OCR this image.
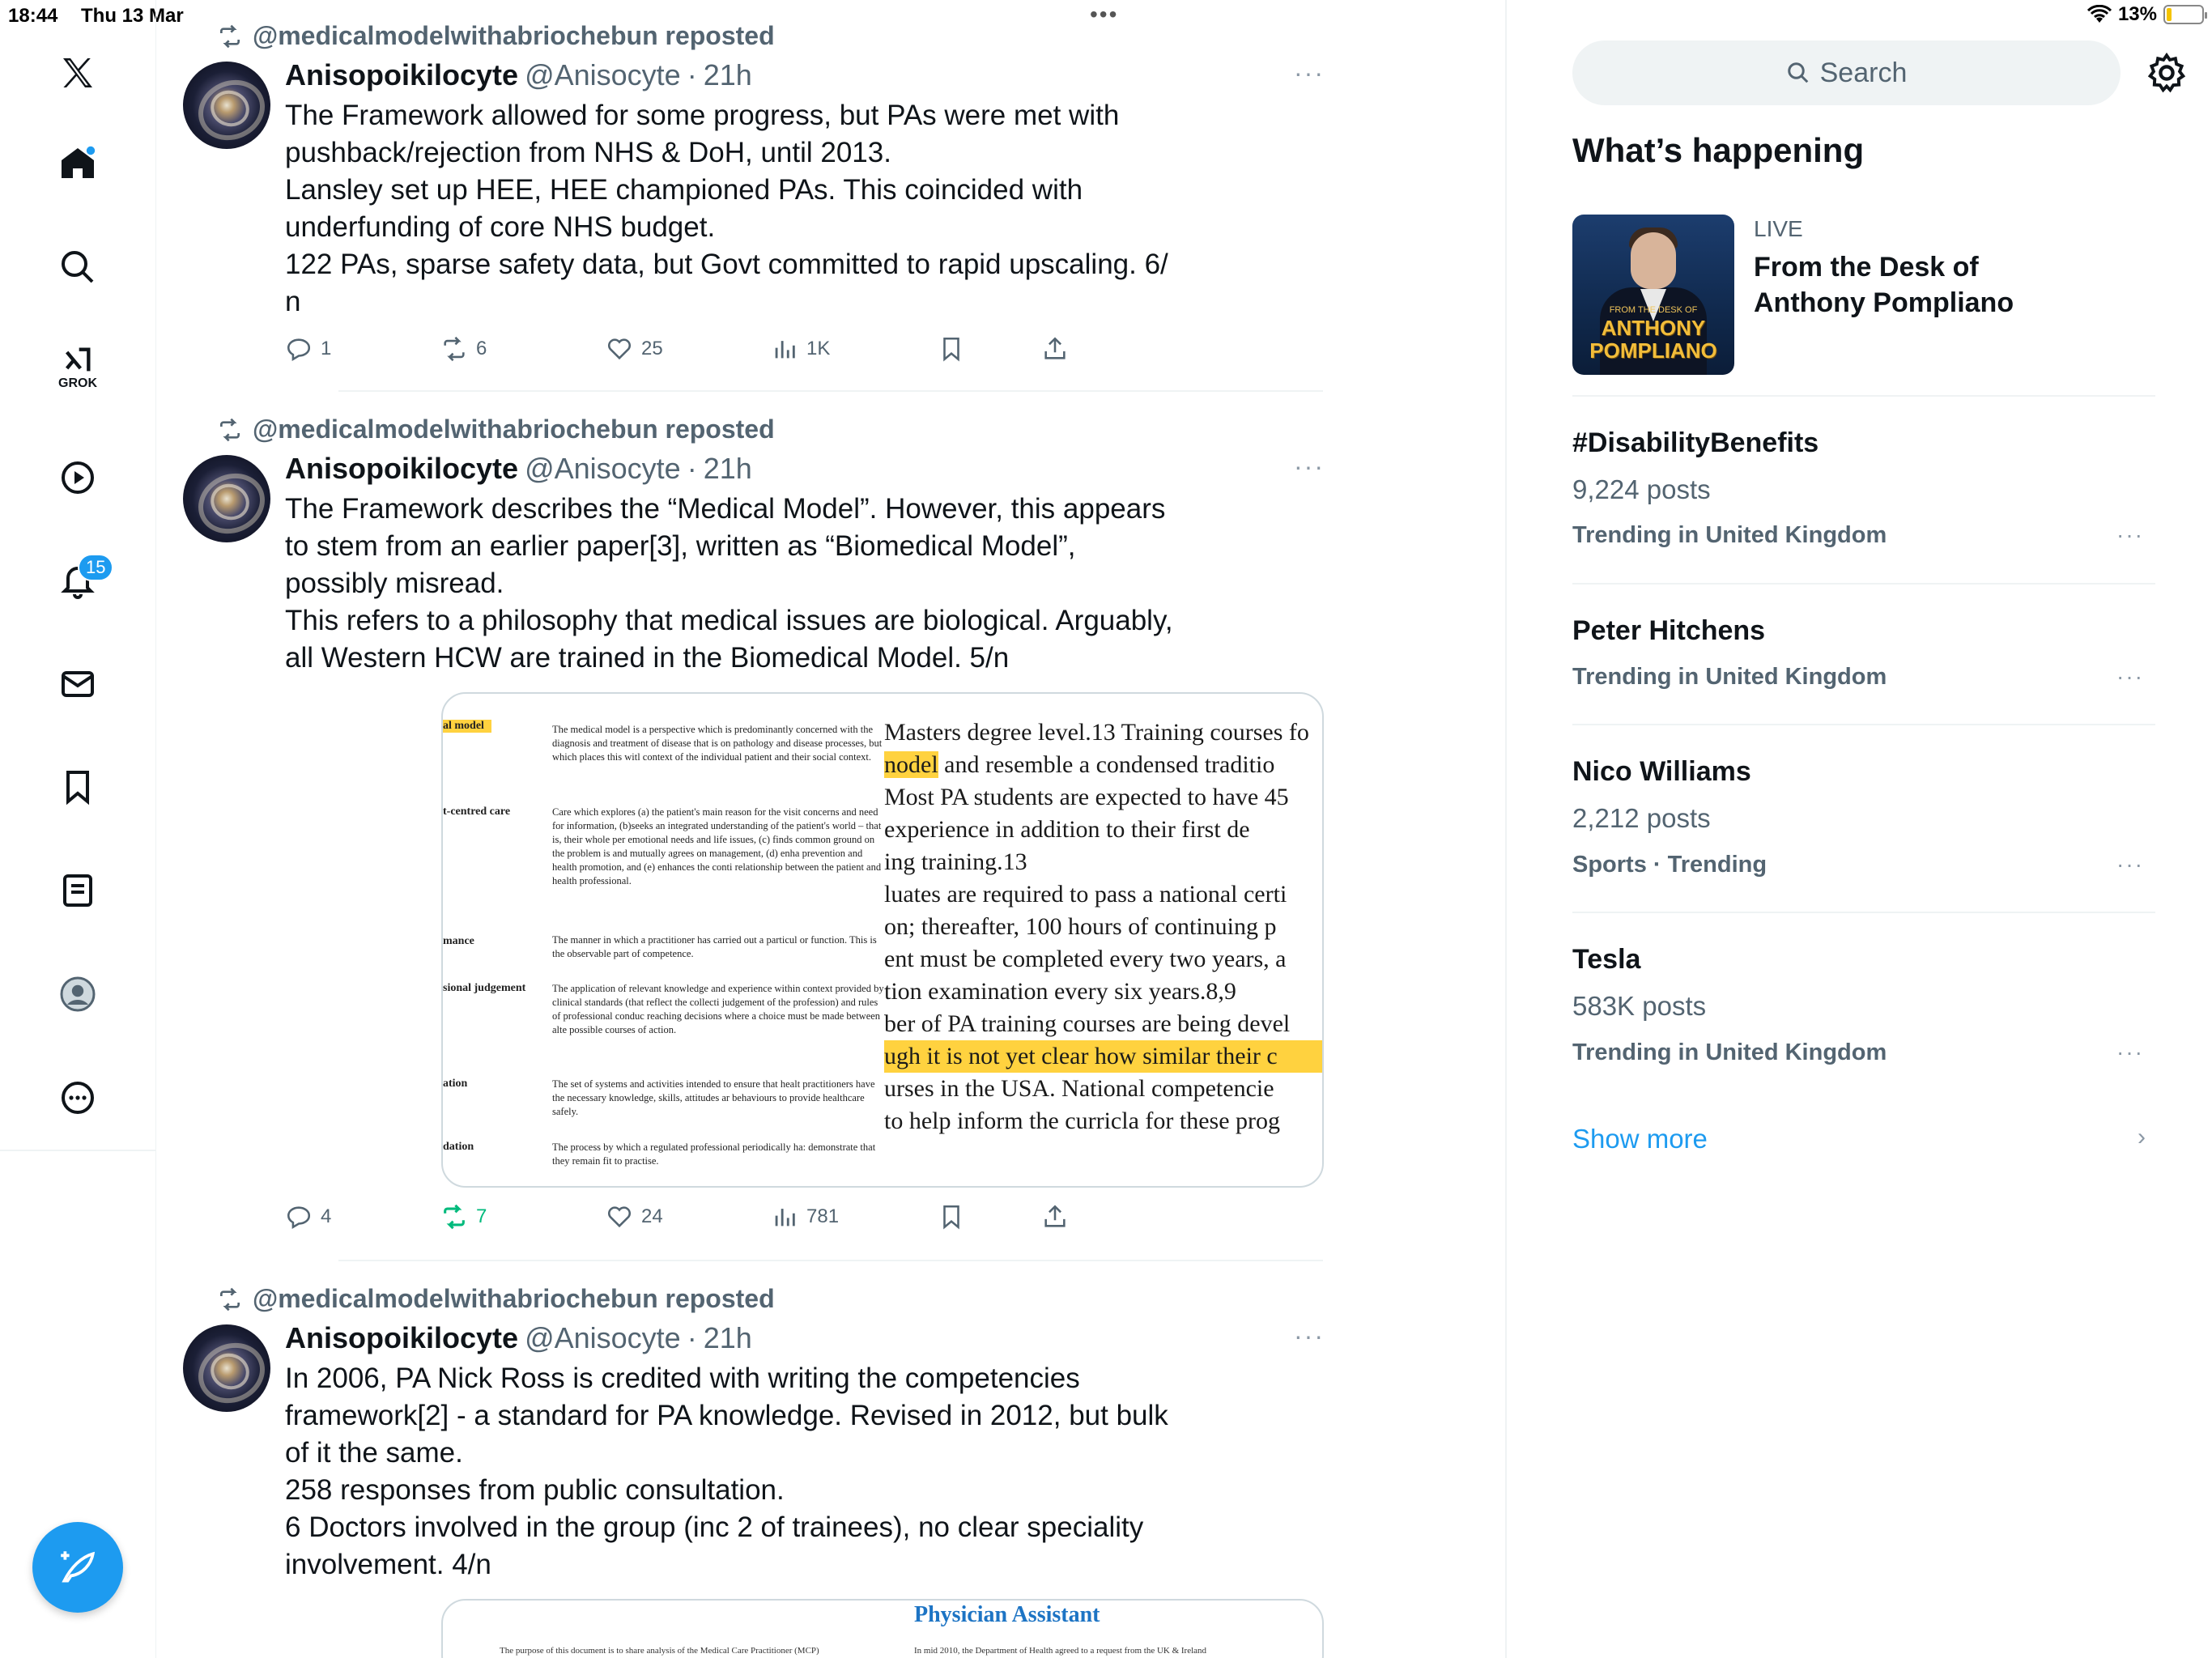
18:44 Thu 13 Mar	•••	13%
GROK
15
@medicalmodelwithabriochebun reposted
Anisopoikilocyte @Anisocyte · 21h	···

The Framework allowed for some progress, but PAs were met with

pushback/rejection from NHS & DoH, until 2013.

Lansley set up HEE, HEE championed PAs. This coincided with

underfunding of core NHS budget.

122 PAs, sparse safety data, but Govt committed to rapid upscaling. 6/

n

1	6	25	1K
@medicalmodelwithabriochebun reposted
Anisopoikilocyte @Anisocyte · 21h	···

The Framework describes the “Medical Model”. However, this appears

to stem from an earlier paper[3], written as “Biomedical Model”,

possibly misread.

This refers to a philosophy that medical issues are biological. Arguably,

all Western HCW are trained in the Biomedical Model. 5/n

al model	The medical model is a perspective which is predominantly concerned with the diagnosis and treatment of disease that is on pathology and disease processes, but which places this witl context of the individual patient and their social context.
t-centred care	Care which explores (a) the patient's main reason for the visit concerns and need for information, (b)seeks an integrated understanding of the patient's world – that is, their whole per emotional needs and life issues, (c) finds common ground on the problem is and mutually agrees on management, (d) enha prevention and health promotion, and (e) enhances the conti relationship between the patient and health professional.
mance	The manner in which a practitioner has carried out a particul or function. This is the observable part of competence.
sional judgement	The application of relevant knowledge and experience within context provided by clinical standards (that reflect the collecti judgement of the profession) and rules of professional conduc reaching decisions where a choice must be made between alte possible courses of action.
ation	The set of systems and activities intended to ensure that healt practitioners have the necessary knowledge, skills, attitudes ar behaviours to provide healthcare safely.
dation	The process by which a regulated professional periodically ha: demonstrate that they remain fit to practise.
Masters degree level.13 Training courses fo
nodel and resemble a condensed traditio
Most PA students are expected to have 45
experience in addition to their first de
ing training.13
luates are required to pass a national certi
on; thereafter, 100 hours of continuing p
ent must be completed every two years, a
tion examination every six years.8,9
ber of PA training courses are being devel
ugh it is not yet clear how similar their c
urses in the USA. National competencie
to help inform the curricla for these prog
4	7	24	781
@medicalmodelwithabriochebun reposted
Anisopoikilocyte @Anisocyte · 21h	···

In 2006, PA Nick Ross is credited with writing the competencies

framework[2] - a standard for PA knowledge. Revised in 2012, but bulk

of it the same.

258 responses from public consultation.

6 Doctors involved in the group (inc 2 of trainees), no clear speciality

involvement. 4/n

Physician Assistant
The purpose of this document is to share analysis of the Medical Care Practitioner (MCP)	In mid 2010, the Department of Health agreed to a request from the UK & Ireland
Search
What’s happening
FROM THE DESK OF
ANTHONY
POMPLIANO
LIVE
From the Desk of
Anthony Pompliano
#DisabilityBenefits
9,224 posts
Trending in United Kingdom	···
Peter Hitchens
Trending in United Kingdom	···
Nico Williams
2,212 posts
Sports · Trending	···
Tesla
583K posts
Trending in United Kingdom	···
Show more	›
